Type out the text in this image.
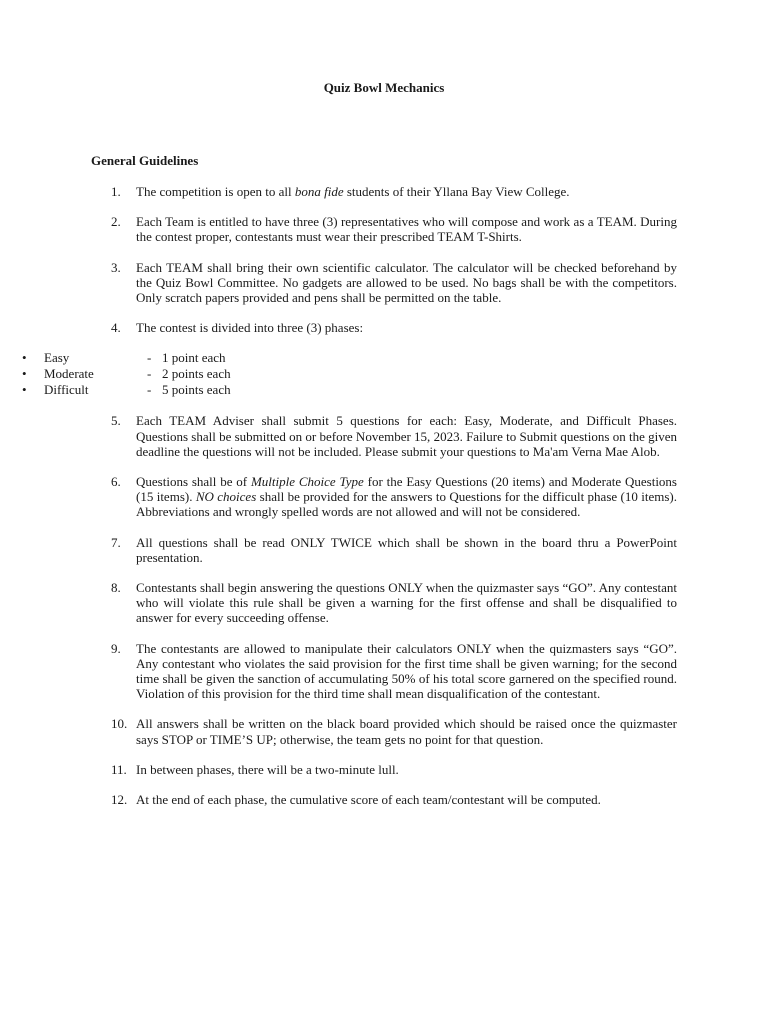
Quiz Bowl Mechanics
General Guidelines
1. The competition is open to all bona fide students of their Yllana Bay View College.
2. Each Team is entitled to have three (3) representatives who will compose and work as a TEAM. During the contest proper, contestants must wear their prescribed TEAM T-Shirts.
3. Each TEAM shall bring their own scientific calculator. The calculator will be checked beforehand by the Quiz Bowl Committee. No gadgets are allowed to be used. No bags shall be with the competitors. Only scratch papers provided and pens shall be permitted on the table.
4. The contest is divided into three (3) phases:
• Easy	- 1 point each
• Moderate	- 2 points each
• Difficult	- 5 points each
5. Each TEAM Adviser shall submit 5 questions for each: Easy, Moderate, and Difficult Phases. Questions shall be submitted on or before November 15, 2023. Failure to Submit questions on the given deadline the questions will not be included. Please submit your questions to Ma'am Verna Mae Alob.
6. Questions shall be of Multiple Choice Type for the Easy Questions (20 items) and Moderate Questions (15 items). NO choices shall be provided for the answers to Questions for the difficult phase (10 items). Abbreviations and wrongly spelled words are not allowed and will not be considered.
7. All questions shall be read ONLY TWICE which shall be shown in the board thru a PowerPoint presentation.
8. Contestants shall begin answering the questions ONLY when the quizmaster says “GO”. Any contestant who will violate this rule shall be given a warning for the first offense and shall be disqualified to answer for every succeeding offense.
9. The contestants are allowed to manipulate their calculators ONLY when the quizmasters says “GO”. Any contestant who violates the said provision for the first time shall be given warning; for the second time shall be given the sanction of accumulating 50% of his total score garnered on the specified round. Violation of this provision for the third time shall mean disqualification of the contestant.
10. All answers shall be written on the black board provided which should be raised once the quizmaster says STOP or TIME’S UP; otherwise, the team gets no point for that question.
11. In between phases, there will be a two-minute lull.
12. At the end of each phase, the cumulative score of each team/contestant will be computed.
